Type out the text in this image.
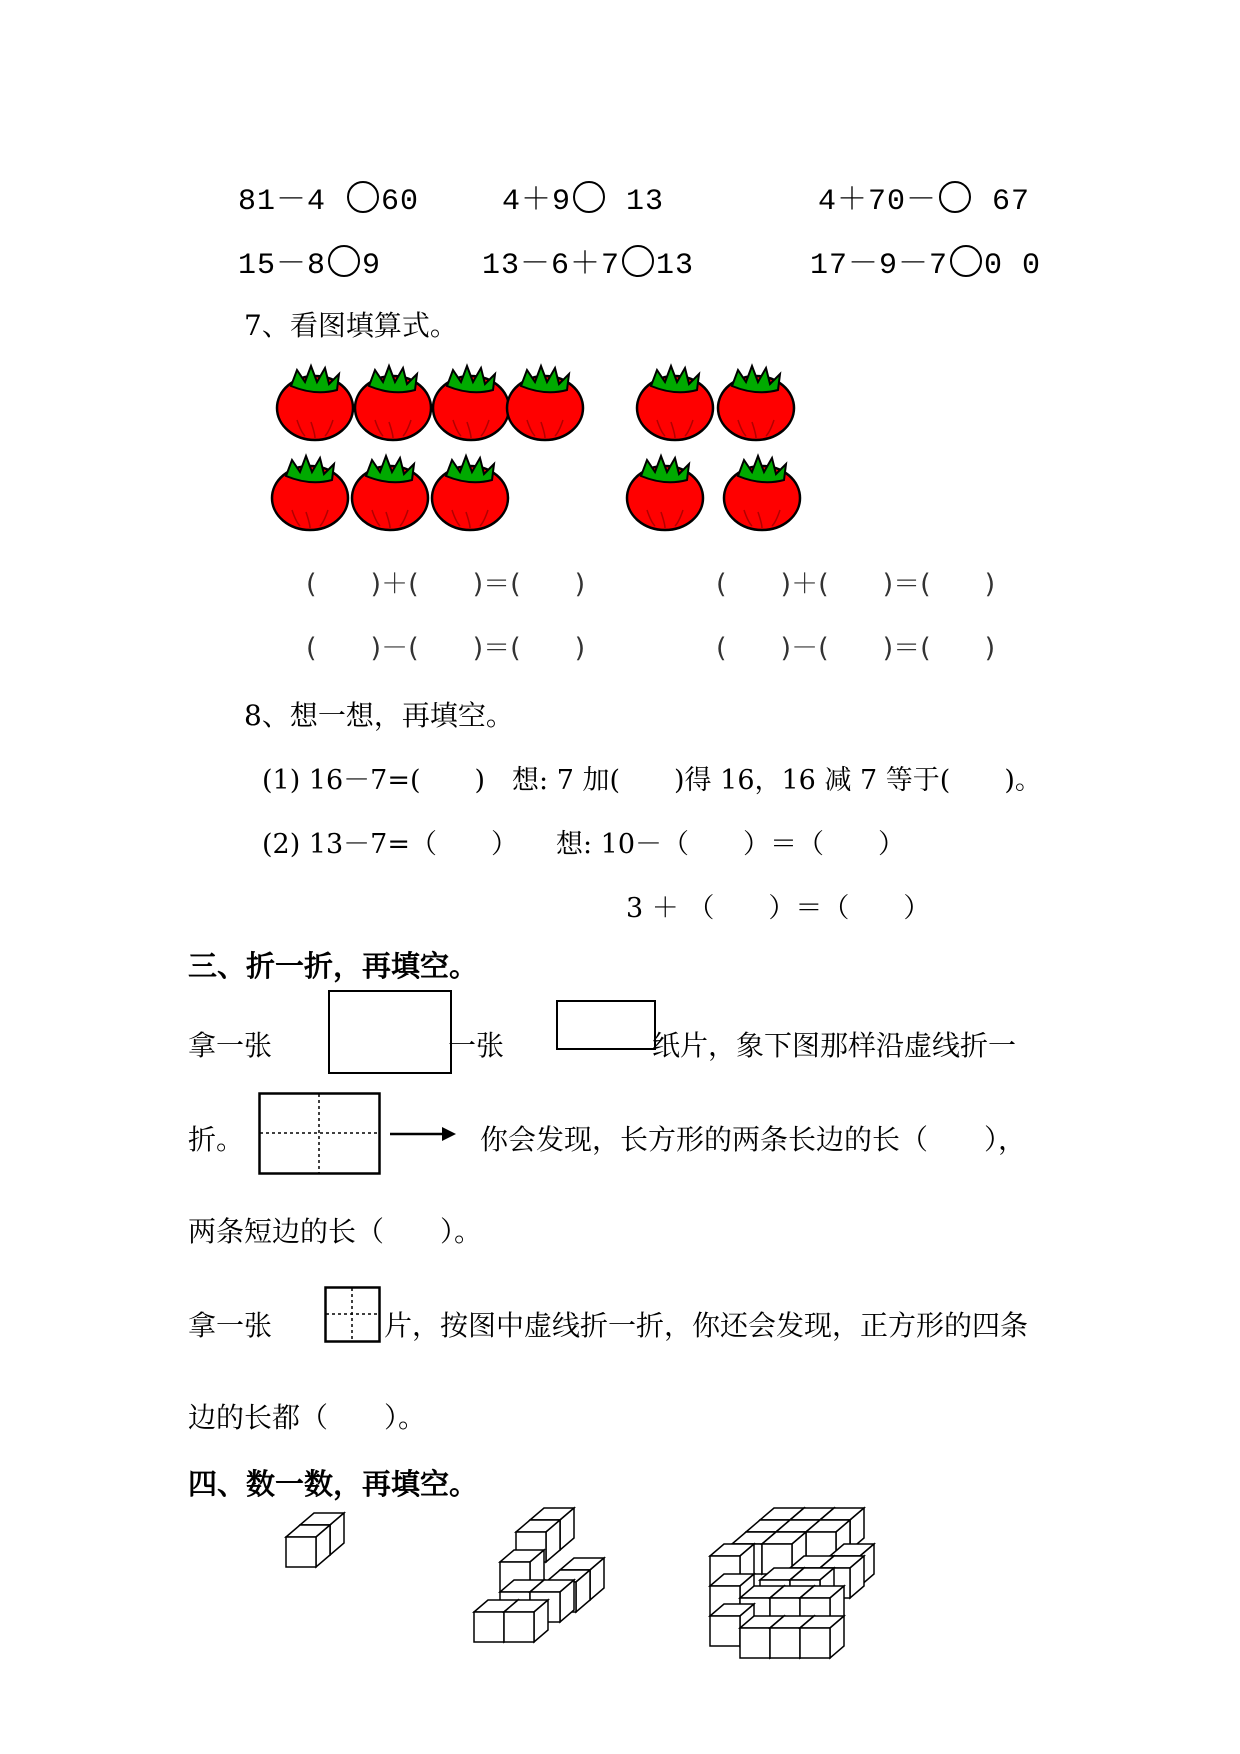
81－4 60	4＋9 13	4＋70－ 67
15－8 9	13－6＋7 13	17－9－7 0 0
7、看图填算式。
(　　)＋(　　)＝(　　)	(　　)＋(　　)＝(　　)
(　　)－(　　)＝(　　)	(　　)－(　　)＝(　　)
8、想一想，再填空。
(1) 16－7=(　　)　想: 7 加(　　)得 16，16 减 7 等于(　　)。
(2) 13－7=（　　） 想: 10－（　　）＝（　　）
3 ＋ （　　）＝（　　）
三、折一折，再填空。
拿一张	一张	纸片，象下图那样沿虚线折一
折。	你会发现，长方形的两条长边的长（　　），
两条短边的长（　　）。
拿一张	片，按图中虚线折一折，你还会发现，正方形的四条
边的长都（　　）。
四、数一数，再填空。
